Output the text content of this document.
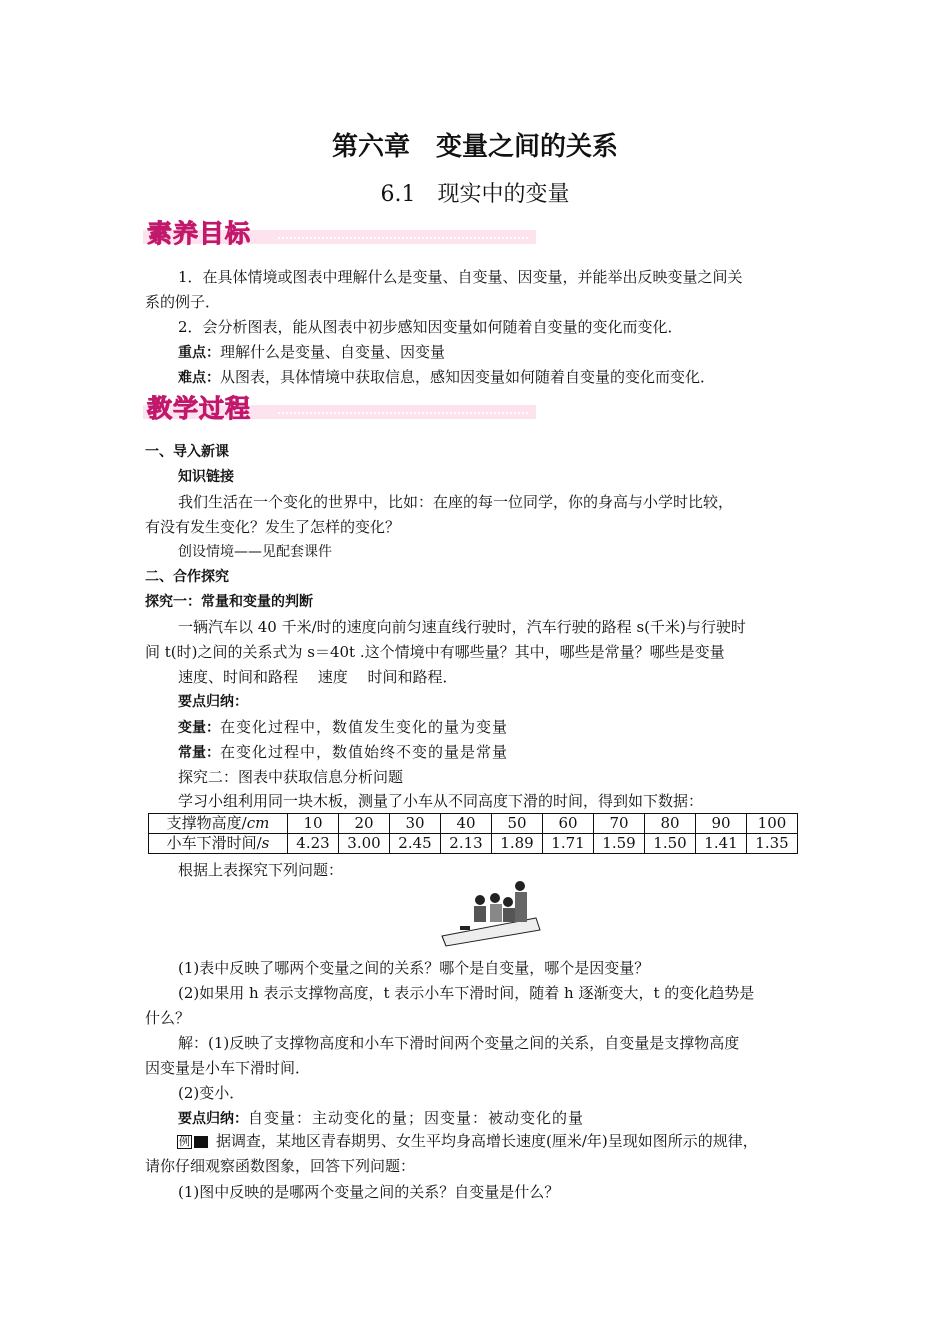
第六章　变量之间的关系
6.1　现实中的变量
素养目标
1．在具体情境或图表中理解什么是变量、自变量、因变量，并能举出反映变量之间关
系的例子．
2．会分析图表，能从图表中初步感知因变量如何随着自变量的变化而变化．
重点：理解什么是变量、自变量、因变量
难点：从图表，具体情境中获取信息，感知因变量如何随着自变量的变化而变化．
教学过程
一、导入新课
知识链接
我们生活在一个变化的世界中，比如：在座的每一位同学，你的身高与小学时比较，
有没有发生变化？发生了怎样的变化？
创设情境——见配套课件
二、合作探究
探究一：常量和变量的判断
一辆汽车以 40 千米/时的速度向前匀速直线行驶时，汽车行驶的路程 s(千米)与行驶时
间 t(时)之间的关系式为 s＝40t .这个情境中有哪些量？其中，哪些是常量？哪些是变量
速度、时间和路程　 速度　 时间和路程．
要点归纳：
变量：在变化过程中，数值发生变化的量为变量
常量：在变化过程中，数值始终不变的量是常量
探究二：图表中获取信息分析问题
学习小组利用同一块木板，测量了小车从不同高度下滑的时间，得到如下数据：
支撑物高度/cm	10	20	30	40	50	60	70	80	90	100
小车下滑时间/s	4.23	3.00	2.45	2.13	1.89	1.71	1.59	1.50	1.41	1.35
根据上表探究下列问题：
(1)表中反映了哪两个变量之间的关系？哪个是自变量，哪个是因变量？
(2)如果用 h 表示支撑物高度，t 表示小车下滑时间，随着 h 逐渐变大，t 的变化趋势是
什么？
解：(1)反映了支撑物高度和小车下滑时间两个变量之间的关系，自变量是支撑物高度
因变量是小车下滑时间．
(2)变小．
要点归纳：自变量：主动变化的量；因变量：被动变化的量
例 据调查，某地区青春期男、女生平均身高增长速度(厘米/年)呈现如图所示的规律，
请你仔细观察函数图象，回答下列问题：
(1)图中反映的是哪两个变量之间的关系？自变量是什么？
